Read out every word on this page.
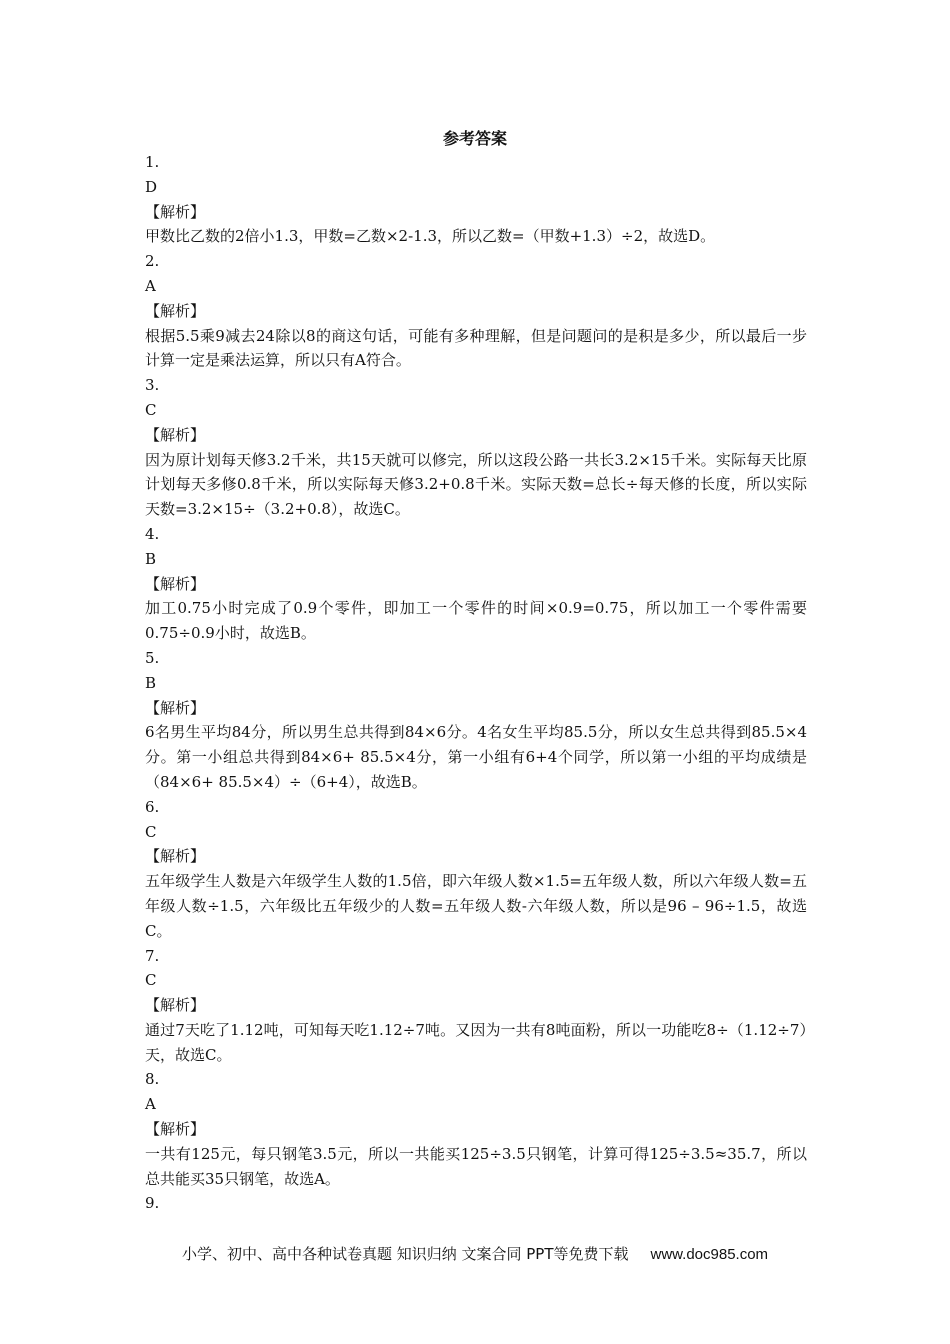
参考答案
1.
D
【解析】
甲数比乙数的2倍小1.3，甲数=乙数×2-1.3，所以乙数=（甲数+1.3）÷2，故选D。
2.
A
【解析】
根据5.5乘9减去24除以8的商这句话，可能有多种理解，但是问题问的是积是多少，所以最后一步计算一定是乘法运算，所以只有A符合。
3.
C
【解析】
因为原计划每天修3.2千米，共15天就可以修完，所以这段公路一共长3.2×15千米。实际每天比原计划每天多修0.8千米，所以实际每天修3.2+0.8千米。实际天数=总长÷每天修的长度，所以实际天数=3.2×15÷（3.2+0.8），故选C。
4.
B
【解析】
加工0.75小时完成了0.9个零件，即加工一个零件的时间×0.9=0.75，所以加工一个零件需要0.75÷0.9小时，故选B。
5.
B
【解析】
6名男生平均84分，所以男生总共得到84×6分。4名女生平均85.5分，所以女生总共得到85.5×4分。第一小组总共得到84×6+ 85.5×4分，第一小组有6+4个同学，所以第一小组的平均成绩是（84×6+ 85.5×4）÷（6+4），故选B。
6.
C
【解析】
五年级学生人数是六年级学生人数的1.5倍，即六年级人数×1.5=五年级人数，所以六年级人数=五年级人数÷1.5，六年级比五年级少的人数=五年级人数-六年级人数，所以是96 – 96÷1.5，故选C。
7.
C
【解析】
通过7天吃了1.12吨，可知每天吃1.12÷7吨。又因为一共有8吨面粉，所以一功能吃8÷（1.12÷7）天，故选C。
8.
A
【解析】
一共有125元，每只钢笔3.5元，所以一共能买125÷3.5只钢笔，计算可得125÷3.5≈35.7，所以总共能买35只钢笔，故选A。
9.
小学、初中、高中各种试卷真题 知识归纳 文案合同 PPT等免费下载 www.doc985.com
